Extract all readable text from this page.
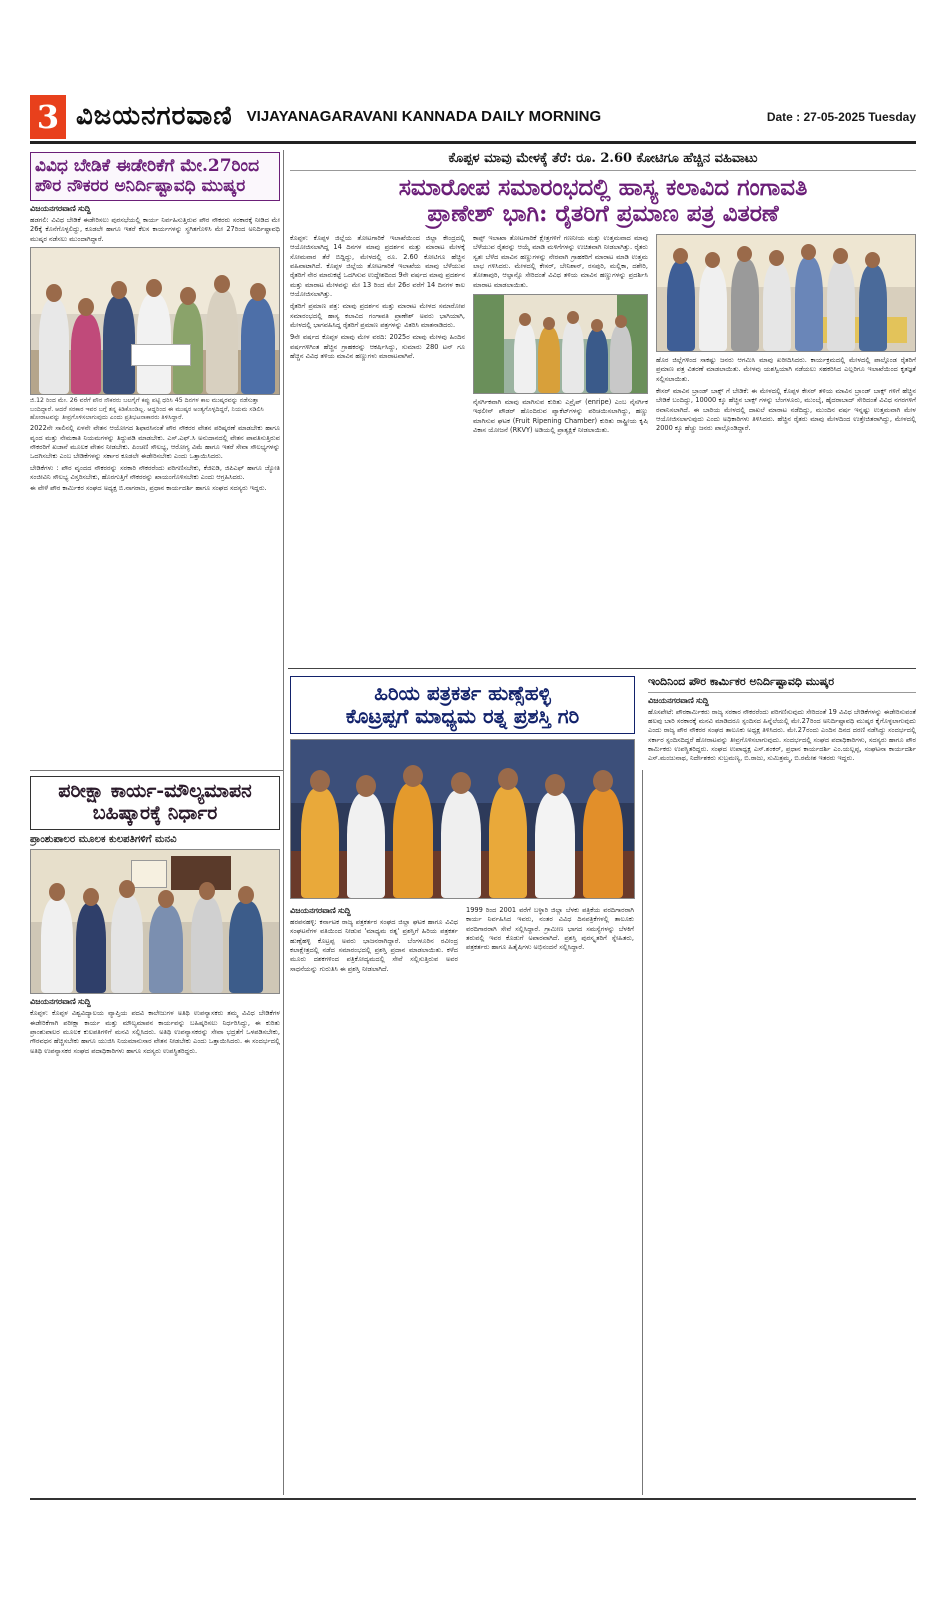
3 ವಿಜಯನಗರವಾಣಿ VIJAYANAGARAVANI KANNADA DAILY MORNING	Date : 27-05-2025 Tuesday
ವಿವಿಧ ಬೇಡಿಕೆ ಈಡೇರಿಕೆಗೆ ಮೇ.27ರಿಂದ ಪೌರ ನೌಕರರ ಅನಿರ್ದಿಷ್ಟಾವಧಿ ಮುಷ್ಕರ
ವಿಜಯನಗರವಾಣಿ ಸುದ್ದಿ
ಹಡಗಲಿ: ವಿವಿಧ ಬೇಡಿಕೆ ಈಡೇರಿಸಲು ಪುರಸಭೆಯಲ್ಲಿ ಕಾರ್ಯ ನಿರ್ವಹಿಸುತ್ತಿರುವ ಪೌರ ನೌಕರರು ಸರಕಾರಕ್ಕೆ ನೀಡಿದ ಮೇ 26ಕ್ಕೆ ಕೊನೆಗೊಳ್ಳಲಿದ್ದು, ಕೂಡಲೇ ಹಾಗೂ ಇತರೆ ಕೆಲಸ ಕಾರ್ಯಗಳನ್ನು ಸ್ಥಗಿತಗೊಳಿಸಿ ಮೇ 27ರಿಂದ ಅನಿರ್ದಿಷ್ಟಾವಧಿ ಮುಷ್ಕರ ನಡೆಸಲು ಮುಂದಾಗಿದ್ದಾರೆ.
ಜಿ.12 ರಿಂದ ಮೇ. 26 ವರೆಗೆ ಪೌರ ನೌಕರರು ಬಲಗೈಗೆ ಕಪ್ಪು ಪಟ್ಟಿ ಧರಿಸಿ 45 ದಿನಗಳ ಕಾಲ ಮುಷ್ಕರವನ್ನು ನಡೆಸುತ್ತಾ ಬಂದಿದ್ದಾರೆ. ಆದರೆ ಸರಕಾರ ಇವರ ಬಗ್ಗೆ ತನ್ನ ಕಿಡಿಕೊಂಡಿಲ್ಲ. ಆದ್ದರಿಂದ ಈ ಮುಷ್ಕರ ಅಂತ್ಯಗೊಳ್ಳದಿದ್ದರೆ, ನಿಯಮ ಸಡಿಲಿಸಿ ಹೋರಾಟವನ್ನು ತೀವ್ರಗೊಳಿಸಲಾಗುವುದು ಎಂದು ಪ್ರತಿಭಟನಾಕಾರರು ತಿಳಿಸಿದ್ದಾರೆ.

2022ನೇ ಸಾಲಿನಲ್ಲಿ ಏಳನೇ ವೇತನ ಆಯೋಗದ ಶಿಫಾರಸಿನಂತೆ ಪೌರ ನೌಕರರ ವೇತನ ಪರಿಷ್ಕರಣೆ ಮಾಡಬೇಕು ಹಾಗೂ ವೃಂದ ಮತ್ತು ನೇಮಕಾತಿ ನಿಯಮಗಳನ್ನು ತಿದ್ದುಪಡಿ ಮಾಡಬೇಕು. ಎಸ್.ಎಫ್.ಸಿ ಅನುದಾನದಲ್ಲಿ ವೇತನ ಪಾವತಿಸುತ್ತಿರುವ ನೌಕರರಿಗೆ ಖಜಾನೆ ಮೂಲಕ ವೇತನ ನೀಡಬೇಕು. ಪಿಂಚಣಿ ಸೌಲಭ್ಯ, ಆರೋಗ್ಯ ವಿಮೆ ಹಾಗೂ ಇತರೆ ಸೇವಾ ಸೌಲಭ್ಯಗಳನ್ನು ಒದಗಿಸಬೇಕು ಎಂಬ ಬೇಡಿಕೆಗಳನ್ನು ಸರ್ಕಾರ ಕೂಡಲೇ ಈಡೇರಿಸಬೇಕು ಎಂದು ಒತ್ತಾಯಿಸಿದರು.

ಬೇಡಿಕೆಗಳು : ಪೌರ ವೃಂದದ ನೌಕರರನ್ನು ಸರಕಾರಿ ನೌಕರರೆಂದು ಪರಿಗಣಿಸಬೇಕು, ಕೆಜಿಐಡಿ, ಜಿಪಿಎಫ್ ಹಾಗೂ ಜ್ಯೋತಿ ಸಂಜೀವಿನಿ ಸೌಲಭ್ಯ ವಿಸ್ತರಿಸಬೇಕು, ಹೊರಗುತ್ತಿಗೆ ನೌಕರರನ್ನು ಖಾಯಂಗೊಳಿಸಬೇಕು ಎಂದು ಆಗ್ರಹಿಸಿದರು.

ಈ ವೇಳೆ ಪೌರ ಕಾರ್ಮಿಕರ ಸಂಘದ ಅಧ್ಯಕ್ಷ ಬಿ.ನಾಗರಾಜ, ಪ್ರಧಾನ ಕಾರ್ಯದರ್ಶಿ ಹಾಗೂ ಸಂಘದ ಸದಸ್ಯರು ಇದ್ದರು.

ಪರೀಕ್ಷಾ ಕಾರ್ಯ-ಮೌಲ್ಯಮಾಪನ
ಬಹಿಷ್ಕಾರಕ್ಕೆ ನಿರ್ಧಾರ
ಪ್ರಾಂಶುಪಾಲರ ಮೂಲಕ ಕುಲಪತಿಗಳಿಗೆ ಮನವಿ
ವಿಜಯನಗರವಾಣಿ ಸುದ್ದಿ
ಕೊಪ್ಪಳ: ಕೊಪ್ಪಳ ವಿಶ್ವವಿದ್ಯಾಲಯ ವ್ಯಾಪ್ತಿಯ ಪದವಿ ಕಾಲೇಜುಗಳ ಅತಿಥಿ ಉಪನ್ಯಾಸಕರು ತಮ್ಮ ವಿವಿಧ ಬೇಡಿಕೆಗಳ ಈಡೇರಿಕೆಗಾಗಿ ಪರೀಕ್ಷಾ ಕಾರ್ಯ ಮತ್ತು ಮೌಲ್ಯಮಾಪನ ಕಾರ್ಯವನ್ನು ಬಹಿಷ್ಕರಿಸಲು ನಿರ್ಧರಿಸಿದ್ದು, ಈ ಕುರಿತು ಪ್ರಾಂಶುಪಾಲರ ಮೂಲಕ ಕುಲಪತಿಗಳಿಗೆ ಮನವಿ ಸಲ್ಲಿಸಿದರು. ಅತಿಥಿ ಉಪನ್ಯಾಸಕರನ್ನು ಸೇವಾ ಭದ್ರತೆಗೆ ಒಳಪಡಿಸಬೇಕು, ಗೌರವಧನ ಹೆಚ್ಚಿಸಬೇಕು ಹಾಗೂ ಯುಜಿಸಿ ನಿಯಮಾನುಸಾರ ವೇತನ ನೀಡಬೇಕು ಎಂದು ಒತ್ತಾಯಿಸಿದರು. ಈ ಸಂದರ್ಭದಲ್ಲಿ ಅತಿಥಿ ಉಪನ್ಯಾಸಕರ ಸಂಘದ ಪದಾಧಿಕಾರಿಗಳು ಹಾಗೂ ಸದಸ್ಯರು ಉಪಸ್ಥಿತರಿದ್ದರು.
ಕೊಪ್ಪಳ ಮಾವು ಮೇಳಕ್ಕೆ ತೆರೆ: ರೂ. 2.60 ಕೋಟಿಗೂ ಹೆಚ್ಚಿನ ವಹಿವಾಟು
ಸಮಾರೋಪ ಸಮಾರಂಭದಲ್ಲಿ ಹಾಸ್ಯ ಕಲಾವಿದ ಗಂಗಾವತಿ
ಪ್ರಾಣೇಶ್ ಭಾಗಿ: ರೈತರಿಗೆ ಪ್ರಮಾಣ ಪತ್ರ ವಿತರಣೆ
ಕೊಪ್ಪಳ: ಕೊಪ್ಪಳ ಜಿಲ್ಲೆಯ ತೋಟಗಾರಿಕೆ ಇಲಾಖೆಯಿಂದ ಜಿಲ್ಲಾ ಕೇಂದ್ರದಲ್ಲಿ ಆಯೋಜಿಸಲಾಗಿದ್ದ 14 ದಿನಗಳ ಮಾವು ಪ್ರದರ್ಶನ ಮತ್ತು ಮಾರಾಟ ಮೇಳಕ್ಕೆ ಸೋಮವಾರ ತೆರೆ ಬಿದ್ದಿದ್ದು, ಮೇಳದಲ್ಲಿ ರೂ. 2.60 ಕೋಟಿಗೂ ಹೆಚ್ಚಿನ ವಹಿವಾಟಾಗಿದೆ. ಕೊಪ್ಪಳ ಜಿಲ್ಲೆಯ ತೋಟಗಾರಿಕೆ ಇಲಾಖೆಯ ಮಾವು ಬೆಳೆಯುವ ರೈತರಿಗೆ ನೇರ ಮಾರುಕಟ್ಟೆ ಒದಗಿಸುವ ಉದ್ದೇಶದಿಂದ 9ನೇ ವರ್ಷದ ಮಾವು ಪ್ರದರ್ಶನ ಮತ್ತು ಮಾರಾಟ ಮೇಳವನ್ನು ಮೇ 13 ರಿಂದ ಮೇ 26ರ ವರೆಗೆ 14 ದಿನಗಳ ಕಾಲ ಆಯೋಜಿಸಲಾಗಿತ್ತು.
ರೈತರಿಗೆ ಪ್ರಮಾಣ ಪತ್ರ: ಮಾವು ಪ್ರದರ್ಶನ ಮತ್ತು ಮಾರಾಟ ಮೇಳದ ಸಮಾರೋಪ ಸಮಾರಂಭದಲ್ಲಿ ಹಾಸ್ಯ ಕಲಾವಿದ ಗಂಗಾವತಿ ಪ್ರಾಣೇಶ್ ಅವರು ಭಾಗಿಯಾಗಿ, ಮೇಳದಲ್ಲಿ ಭಾಗವಹಿಸಿದ್ದ ರೈತರಿಗೆ ಪ್ರಮಾಣ ಪತ್ರಗಳನ್ನು ವಿತರಿಸಿ ಮಾತನಾಡಿದರು.
9ನೇ ವರ್ಷದ ಕೊಪ್ಪಳ ಮಾವು ಮೇಳ ವರದಿ: 2025ರ ಮಾವು ಮೇಳವು ಹಿಂದಿನ ವರ್ಷಗಳಿಗಿಂತ ಹೆಚ್ಚಿನ ಗ್ರಾಹಕರನ್ನು ಆಕರ್ಷಿಸಿದ್ದು, ಸುಮಾರು 280 ಟನ್ ಗೂ ಹೆಚ್ಚಿನ ವಿವಿಧ ತಳಿಯ ಮಾವಿನ ಹಣ್ಣುಗಳು ಮಾರಾಟವಾಗಿವೆ.
ಕಾಪ್ಪ್ ಇಲಾಖಾ ತೋಟಗಾರಿಕೆ ಕ್ಷೇತ್ರಗಳಿಗೆ ಗಣನೀಯ ಮತ್ತು ಉತ್ತಮವಾದ ಮಾವು ಬೆಳೆಯುವ ರೈತರನ್ನು ಆಯ್ಕೆ ಮಾಡಿ ಮಳಿಗೆಗಳನ್ನು ಉಚಿತವಾಗಿ ನೀಡಲಾಗಿತ್ತು. ರೈತರು ಸ್ವತಃ ಬೆಳೆದ ಮಾವಿನ ಹಣ್ಣುಗಳನ್ನು ನೇರವಾಗಿ ಗ್ರಾಹಕರಿಗೆ ಮಾರಾಟ ಮಾಡಿ ಉತ್ತಮ ಲಾಭ ಗಳಿಸಿದರು. ಮೇಳದಲ್ಲಿ ಕೇಸರ್, ಬೇನಿಶಾನ್, ರಸಪುರಿ, ಮಲ್ಲಿಕಾ, ದಶೇರಿ, ತೋತಾಪುರಿ, ಆಲ್ಫಾನ್ಸೊ ಸೇರಿದಂತೆ ವಿವಿಧ ತಳಿಯ ಮಾವಿನ ಹಣ್ಣುಗಳನ್ನು ಪ್ರದರ್ಶಿಸಿ ಮಾರಾಟ ಮಾಡಲಾಯಿತು.
ನೈಸರ್ಗಿಕವಾಗಿ ಮಾವು ಮಾಗಿಸುವ ಕುರಿತು ಎನ್ರೈಪ್ (enripe) ಎಂಬ ನೈಸರ್ಗಿಕ ಇಥಲೀನ್ ಪೌಡರ್ ಹೊಂದಿರುವ ಪ್ಯಾಕೆಟ್‌ಗಳನ್ನು ಪರಿಚಯಿಸಲಾಗಿದ್ದು, ಹಣ್ಣು ಮಾಗಿಸುವ ಘಟಕ (Fruit Ripening Chamber) ಕುರಿತು ರಾಷ್ಟ್ರೀಯ ಕೃಷಿ ವಿಕಾಸ ಯೋಜನೆ (RKVY) ಅಡಿಯಲ್ಲಿ ಪ್ರಾತ್ಯಕ್ಷಿಕೆ ನೀಡಲಾಯಿತು.
ಹೊರ ಜಿಲ್ಲೆಗಳಿಂದ ಸಾಕಷ್ಟು ಜನರು ಆಗಮಿಸಿ ಮಾವು ಖರೀದಿಸಿದರು. ಕಾರ್ಯಕ್ರಮದಲ್ಲಿ ಮೇಳದಲ್ಲಿ ಪಾಲ್ಗೊಂಡ ರೈತರಿಗೆ ಪ್ರಮಾಣ ಪತ್ರ ವಿತರಣೆ ಮಾಡಲಾಯಿತು. ಮೇಳವು ಯಶಸ್ವಿಯಾಗಿ ನಡೆಯಲು ಸಹಕರಿಸಿದ ಎಲ್ಲರಿಗೂ ಇಲಾಖೆಯಿಂದ ಕೃತಜ್ಞತೆ ಸಲ್ಲಿಸಲಾಯಿತು.
ಕೇಸರ್ ಮಾವಿನ ಬ್ರಾಂಡ್ ಬಾಕ್ಸ್ ಗೆ ಬೇಡಿಕೆ: ಈ ಮೇಳದಲ್ಲಿ ಕೊಪ್ಪಳ ಕೇಸರ್ ತಳಿಯ ಮಾವಿನ ಬ್ರಾಂಡ್ ಬಾಕ್ಸ್ ಗಳಿಗೆ ಹೆಚ್ಚಿನ ಬೇಡಿಕೆ ಬಂದಿದ್ದು, 10000 ಕ್ಕೂ ಹೆಚ್ಚಿನ ಬಾಕ್ಸ್ ಗಳನ್ನು ಬೆಂಗಳೂರು, ಮುಂಬೈ, ಹೈದರಾಬಾದ್ ಸೇರಿದಂತೆ ವಿವಿಧ ನಗರಗಳಿಗೆ ರವಾನಿಸಲಾಗಿದೆ. ಈ ಬಾರಿಯ ಮೇಳದಲ್ಲಿ ದಾಖಲೆ ಮಾರಾಟ ನಡೆದಿದ್ದು, ಮುಂದಿನ ವರ್ಷ ಇನ್ನಷ್ಟು ಉತ್ತಮವಾಗಿ ಮೇಳ ಆಯೋಜಿಸಲಾಗುವುದು ಎಂದು ಅಧಿಕಾರಿಗಳು ತಿಳಿಸಿದರು. ಹೆಚ್ಚಿನ ರೈತರು ಮಾವು ಮೇಳದಿಂದ ಉತ್ತೇಜಿತರಾಗಿದ್ದು, ಮೇಳದಲ್ಲಿ 2000 ಕ್ಕೂ ಹೆಚ್ಚು ಜನರು ಪಾಲ್ಗೊಂಡಿದ್ದಾರೆ.
ಹಿರಿಯ ಪತ್ರಕರ್ತ ಹುಣ್ಸೆಹಳ್ಳಿ
ಕೊಟ್ರಪ್ಪಗೆ ಮಾಧ್ಯಮ ರತ್ನ ಪ್ರಶಸ್ತಿ ಗರಿ
ವಿಜಯನಗರವಾಣಿ ಸುದ್ದಿ
ಹರಪನಹಳ್ಳಿ: ಕರ್ನಾಟಕ ರಾಜ್ಯ ಪತ್ರಕರ್ತರ ಸಂಘದ ಜಿಲ್ಲಾ ಘಟಕ ಹಾಗೂ ವಿವಿಧ ಸಂಘಟನೆಗಳ ವತಿಯಿಂದ ನೀಡುವ 'ಮಾಧ್ಯಮ ರತ್ನ' ಪ್ರಶಸ್ತಿಗೆ ಹಿರಿಯ ಪತ್ರಕರ್ತ ಹುಣ್ಸೆಹಳ್ಳಿ ಕೊಟ್ರಪ್ಪ ಅವರು ಭಾಜನರಾಗಿದ್ದಾರೆ. ಬೆಂಗಳೂರಿನ ರವೀಂದ್ರ ಕಲಾಕ್ಷೇತ್ರದಲ್ಲಿ ನಡೆದ ಸಮಾರಂಭದಲ್ಲಿ ಪ್ರಶಸ್ತಿ ಪ್ರದಾನ ಮಾಡಲಾಯಿತು. ಕಳೆದ ಮೂರು ದಶಕಗಳಿಂದ ಪತ್ರಿಕೋದ್ಯಮದಲ್ಲಿ ಸೇವೆ ಸಲ್ಲಿಸುತ್ತಿರುವ ಅವರ ಸಾಧನೆಯನ್ನು ಗುರುತಿಸಿ ಈ ಪ್ರಶಸ್ತಿ ನೀಡಲಾಗಿದೆ.
1999 ರಿಂದ 2001 ವರೆಗೆ ಬಳ್ಳಾರಿ ಜಿಲ್ಲಾ ಬೆಳಕು ಪತ್ರಿಕೆಯ ವರದಿಗಾರರಾಗಿ ಕಾರ್ಯ ನಿರ್ವಹಿಸಿದ ಇವರು, ನಂತರ ವಿವಿಧ ದಿನಪತ್ರಿಕೆಗಳಲ್ಲಿ ತಾಲೂಕು ವರದಿಗಾರರಾಗಿ ಸೇವೆ ಸಲ್ಲಿಸಿದ್ದಾರೆ. ಗ್ರಾಮೀಣ ಭಾಗದ ಸಮಸ್ಯೆಗಳನ್ನು ಬೆಳಕಿಗೆ ತರುವಲ್ಲಿ ಇವರ ಕೊಡುಗೆ ಅಪಾರವಾಗಿದೆ. ಪ್ರಶಸ್ತಿ ಪುರಸ್ಕೃತರಿಗೆ ಸ್ನೇಹಿತರು, ಪತ್ರಕರ್ತರು ಹಾಗೂ ಹಿತೈಷಿಗಳು ಅಭಿನಂದನೆ ಸಲ್ಲಿಸಿದ್ದಾರೆ.
ಇಂದಿನಿಂದ ಪೌರ ಕಾರ್ಮಿಕರ ಅನಿರ್ದಿಷ್ಟಾವಧಿ ಮುಷ್ಕರ
ವಿಜಯನಗರವಾಣಿ ಸುದ್ದಿ
ಹೊಸಪೇಟೆ: ಪೌರಕಾರ್ಮಿಕರು ರಾಜ್ಯ ಸರಕಾರ ನೌಕರರೆಂದು ಪರಿಗಣಿಸುವುದು ಸೇರಿದಂತೆ 19 ವಿವಿಧ ಬೇಡಿಕೆಗಳನ್ನು ಈಡೇರಿಸುವಂತೆ ಹಲವು ಬಾರಿ ಸರಕಾರಕ್ಕೆ ಮನವಿ ಮಾಡಿದರೂ ಸ್ಪಂದಿಸದ ಹಿನ್ನೆಲೆಯಲ್ಲಿ ಮೇ.27ರಿಂದ ಅನಿರ್ದಿಷ್ಟಾವಧಿ ಮುಷ್ಕರ ಕೈಗೊಳ್ಳಲಾಗುವುದು ಎಂದು ರಾಜ್ಯ ಪೌರ ನೌಕರರ ಸಂಘದ ತಾಲೂಕು ಅಧ್ಯಕ್ಷ ತಿಳಿಸಿದರು. ಮೇ.27ರಂದು ಎಂದಿನ ದಿನದ ದರಣಿ ನಡೆಸಿದ್ದು ಸಂದರ್ಭದಲ್ಲಿ ಸರ್ಕಾರ ಸ್ಪಂದಿಸದಿದ್ದರೆ ಹೋರಾಟವನ್ನು ತೀವ್ರಗೊಳಿಸಲಾಗುವುದು. ಸಂದರ್ಭದಲ್ಲಿ ಸಂಘದ ಪದಾಧಿಕಾರಿಗಳು, ಸದಸ್ಯರು ಹಾಗೂ ಪೌರ ಕಾರ್ಮಿಕರು ಉಪಸ್ಥಿತರಿದ್ದರು. ಸಂಘದ ಉಪಾಧ್ಯಕ್ಷ ಎಸ್.ಶಂಕರ್, ಪ್ರಧಾನ ಕಾರ್ಯದರ್ಶಿ ಎಂ.ಯಲ್ಲಪ್ಪ, ಸಂಘಟನಾ ಕಾರ್ಯದರ್ಶಿ ಎಸ್.ಮಂಜುನಾಥ, ನಿರ್ದೇಶಕರು ಸುಬ್ರಮಣ್ಯ, ಬಿ.ರಾಜು, ಸುಮಿತ್ರಮ್ಮ, ಬಿ.ರಮೇಶ ಇತರರು ಇದ್ದರು.
